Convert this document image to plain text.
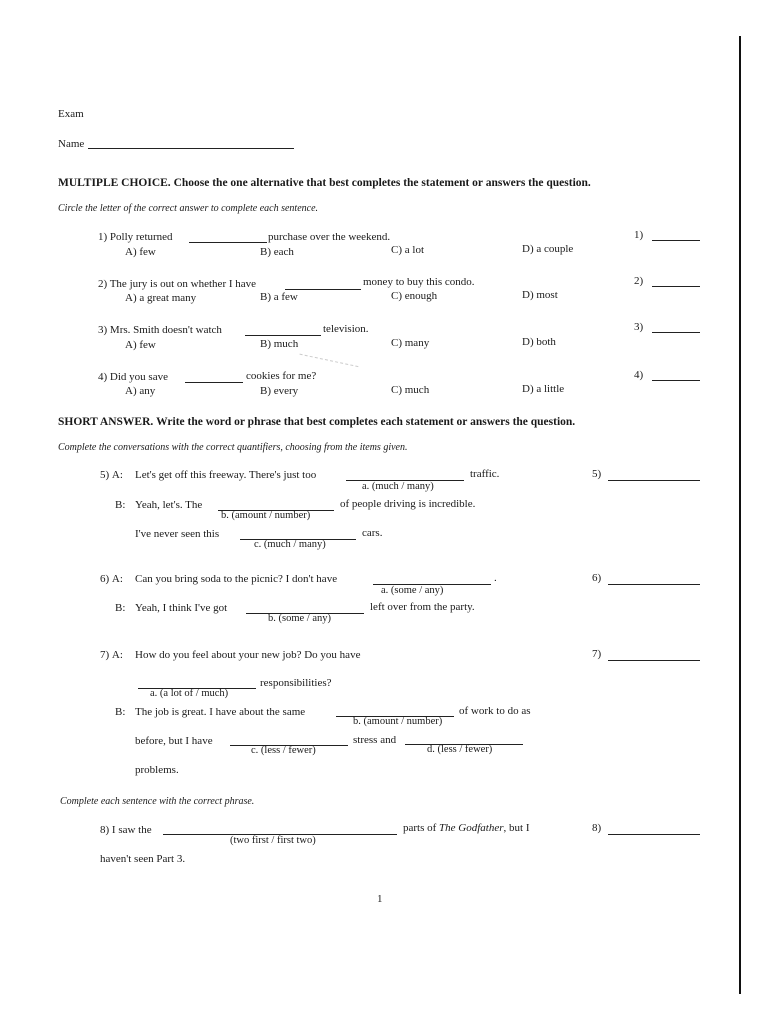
Exam
Name
MULTIPLE CHOICE. Choose the one alternative that best completes the statement or answers the question.
Circle the letter of the correct answer to complete each sentence.
1) Polly returned	purchase over the weekend.
A) few	B) each	C) a lot	D) a couple
1)
2) The jury is out on whether I have	money to buy this condo.
A) a great many	B) a few	C) enough	D) most
2)
3) Mrs. Smith doesn't watch	television.
A) few	B) much	C) many	D) both
3)
4) Did you save	cookies for me?
A) any	B) every	C) much	D) a little
4)
SHORT ANSWER. Write the word or phrase that best completes each statement or answers the question.
Complete the conversations with the correct quantifiers, choosing from the items given.
5) A: Let's get off this freeway. There's just too	traffic.
a. (much / many)
5)
B: Yeah, let's. The	of people driving is incredible.
b. (amount / number)
I've never seen this	cars.
c. (much / many)
6) A: Can you bring soda to the picnic? I don't have	.
a. (some / any)
6)
B: Yeah, I think I've got	left over from the party.
b. (some / any)
7) A: How do you feel about your new job? Do you have	7)
responsibilities?
a. (a lot of / much)
B: The job is great. I have about the same	of work to do as
b. (amount / number)
before, but I have	stress and
c. (less / fewer)	d. (less / fewer)
problems.
Complete each sentence with the correct phrase.
8) I saw the	parts of The Godfather, but I
(two first / first two)
8)
haven't seen Part 3.
1
